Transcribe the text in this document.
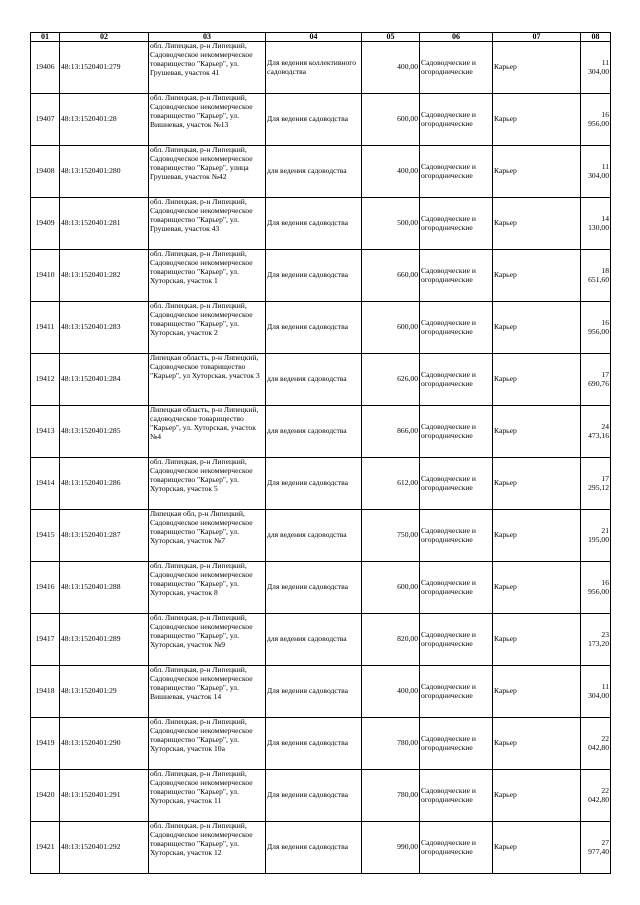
01	02	03	04	05	06	07	08
19406	48:13:1520401:279	обл. Липецкая, р-н Липецкий, Садоводческое некоммерческое товарищество "Карьер", ул. Грушевая, участок 41	Для ведения коллективного садоводства	400,00	Садоводческие и огороднические	Карьер	11 304,00
19407	48:13:1520401:28	обл. Липецкая, р-н Липецкий, Садоводческое некоммерческое товарищество "Карьер", ул. Вишневая, участок №13	Для ведения садоводства	600,00	Садоводческие и огороднические	Карьер	16 956,00
19408	48:13:1520401:280	обл. Липецкая, р-н Липецкий, Садоводческое некоммерческое товарищество "Карьер", улица Грушевая, участок №42	для ведения садоводства	400,00	Садоводческие и огороднические	Карьер	11 304,00
19409	48:13:1520401:281	обл. Липецкая, р-н Липецкий, Садоводческое некоммерческое товарищество "Карьер", ул. Грушевая, участок 43	Для ведения садоводства	500,00	Садоводческие и огороднические	Карьер	14 130,00
19410	48:13:1520401:282	обл. Липецкая, р-н Липецкий, Садоводческое некоммерческое товарищество "Карьер", ул. Хуторская, участок 1	Для ведения садоводства	660,00	Садоводческие и огороднические	Карьер	18 651,60
19411	48:13:1520401:283	обл. Липецкая, р-н Липецкий, Садоводческое некоммерческое товарищество "Карьер", ул. Хуторская, участок 2	Для ведения садоводства	600,00	Садоводческие и огороднические	Карьер	16 956,00
19412	48:13:1520401:284	Липецкая область, р-н Липецкий, Садоводческое товарищество "Карьер", ул Хуторская, участок 3	для ведения садоводства	626,00	Садоводческие и огороднические	Карьер	17 690,76
19413	48:13:1520401:285	Липецкая область, р-н Липецкий, садоводческое товарищество "Карьер", ул. Хуторская, участок №4	для ведения садоводства	866,00	Садоводческие и огороднические	Карьер	24 473,16
19414	48:13:1520401:286	обл. Липецкая, р-н Липецкий, Садоводческое некоммерческое товарищество "Карьер", ул. Хуторская, участок 5	Для ведения садоводства	612,00	Садоводческие и огороднические	Карьер	17 295,12
19415	48:13:1520401:287	Липецкая обл, р-н Липецкий, Садоводческое некоммерческое товарищество "Карьер", ул. Хуторская, участок №7	для ведения садоводства	750,00	Садоводческие и огороднические	Карьер	21 195,00
19416	48:13:1520401:288	обл. Липецкая, р-н Липецкий, Садоводческое некоммерческое товарищество "Карьер", ул. Хуторская, участок 8	Для ведения садоводства	600,00	Садоводческие и огороднические	Карьер	16 956,00
19417	48:13:1520401:289	обл. Липецкая, р-н Липецкий, Садоводческое некоммерческое товарищество "Карьер", ул. Хуторская, участок №9	для ведения садоводства	820,00	Садоводческие и огороднические	Карьер	23 173,20
19418	48:13:1520401:29	обл. Липецкая, р-н Липецкий, Садоводческое некоммерческое товарищество "Карьер", ул. Вишневая, участок 14	Для ведения садоводства	400,00	Садоводческие и огороднические	Карьер	11 304,00
19419	48:13:1520401:290	обл. Липецкая, р-н Липецкий, Садоводческое некоммерческое товарищество "Карьер", ул. Хуторская, участок 10а	Для ведения садоводства	780,00	Садоводческие и огороднические	Карьер	22 042,80
19420	48:13:1520401:291	обл. Липецкая, р-н Липецкий, Садоводческое некоммерческое товарищество "Карьер", ул. Хуторская, участок 11	Для ведения садоводства	780,00	Садоводческие и огороднические	Карьер	22 042,80
19421	48:13:1520401:292	обл. Липецкая, р-н Липецкий, Садоводческое некоммерческое товарищество "Карьер", ул. Хуторская, участок 12	Для ведения садоводства	990,00	Садоводческие и огороднические	Карьер	27 977,40
